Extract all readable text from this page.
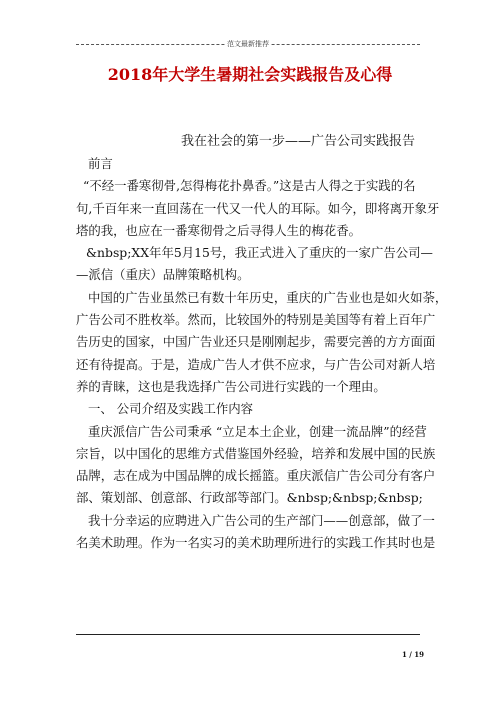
范文最新推荐
2018年大学生暑期社会实践报告及心得
我在社会的第一步——广告公司实践报告
前言
“不经一番寒彻骨,怎得梅花扑鼻香。”这是古人得之于实践的名
句,千百年来一直回荡在一代又一代人的耳际。如今，即将离开象牙
塔的我，也应在一番寒彻骨之后寻得人生的梅花香。
&nbsp;XX年年5月15号，我正式进入了重庆的一家广告公司—
—派信（重庆）品牌策略机构。
中国的广告业虽然已有数十年历史，重庆的广告业也是如火如荼，
广告公司不胜枚举。然而，比较国外的特别是美国等有着上百年广
告历史的国家，中国广告业还只是刚刚起步，需要完善的方方面面
还有待提高。于是，造成广告人才供不应求，与广告公司对新人培
养的青睐，这也是我选择广告公司进行实践的一个理由。
一、 公司介绍及实践工作内容
重庆派信广告公司秉承 “立足本土企业，创建一流品牌”的经营
宗旨，以中国化的思维方式借鉴国外经验，培养和发展中国的民族
品牌，志在成为中国品牌的成长摇篮。重庆派信广告公司分有客户
部、策划部、创意部、行政部等部门。&nbsp;&nbsp;&nbsp;
我十分幸运的应聘进入广告公司的生产部门——创意部，做了一
名美术助理。作为一名实习的美术助理所进行的实践工作其时也是
1 / 19
